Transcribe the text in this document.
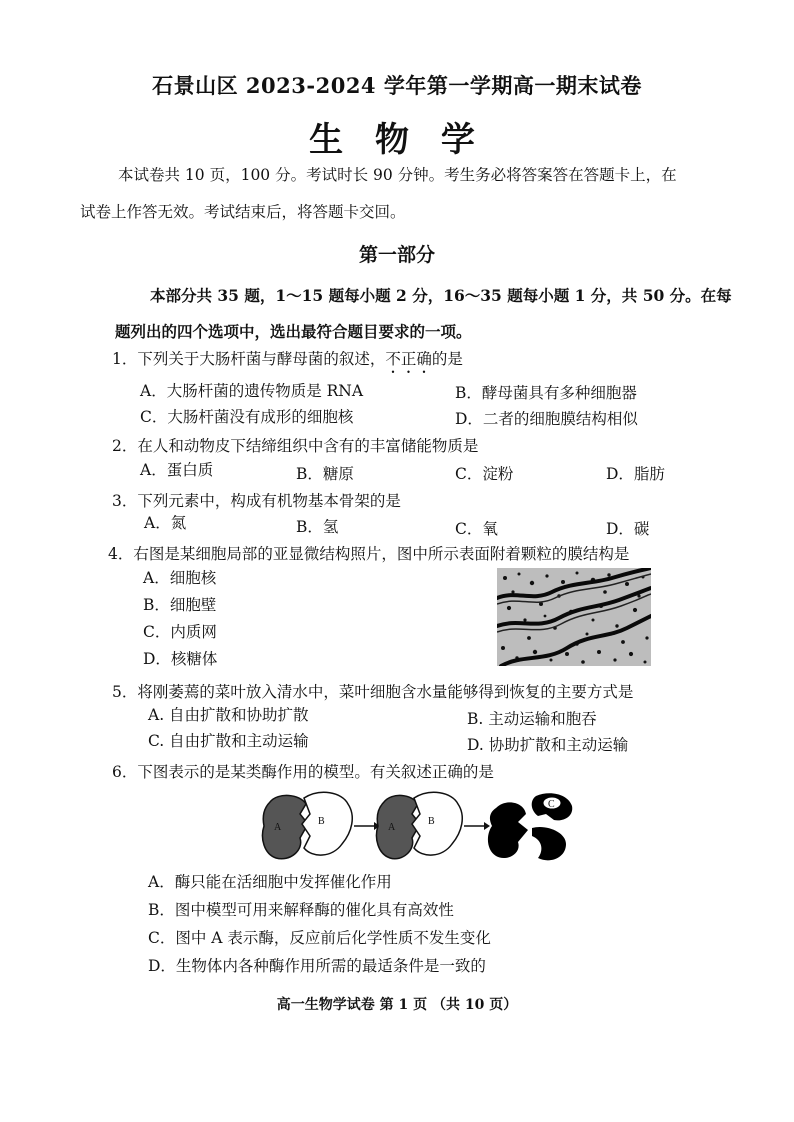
石景山区 2023-2024 学年第一学期高一期末试卷
生 物 学
本试卷共 10 页，100 分。考试时长 90 分钟。考生务必将答案答在答题卡上，在
试卷上作答无效。考试结束后，将答题卡交回。
第一部分
本部分共 35 题，1～15 题每小题 2 分，16～35 题每小题 1 分，共 50 分。在每
题列出的四个选项中，选出最符合题目要求的一项。
1．下列关于大肠杆菌与酵母菌的叙述，不正确的是
A．大肠杆菌的遗传物质是 RNA	B．酵母菌具有多种细胞器
C．大肠杆菌没有成形的细胞核	D．二者的细胞膜结构相似
2．在人和动物皮下结缔组织中含有的丰富储能物质是
A．蛋白质	B．糖原	C．淀粉	D．脂肪
3．下列元素中，构成有机物基本骨架的是
A．氮	B．氢	C．氧	D．碳
4．右图是某细胞局部的亚显微结构照片，图中所示表面附着颗粒的膜结构是
A．细胞核
B．细胞壁
C．内质网
D．核糖体
5．将刚萎蔫的菜叶放入清水中，菜叶细胞含水量能够得到恢复的主要方式是
A. 自由扩散和协助扩散	B. 主动运输和胞吞
C. 自由扩散和主动运输	D. 协助扩散和主动运输
6．下图表示的是某类酶作用的模型。有关叙述正确的是
A
B
A
B
C
A．酶只能在活细胞中发挥催化作用
B．图中模型可用来解释酶的催化具有高效性
C．图中 A 表示酶，反应前后化学性质不发生变化
D．生物体内各种酶作用所需的最适条件是一致的
高一生物学试卷 第 1 页 （共 10 页）
